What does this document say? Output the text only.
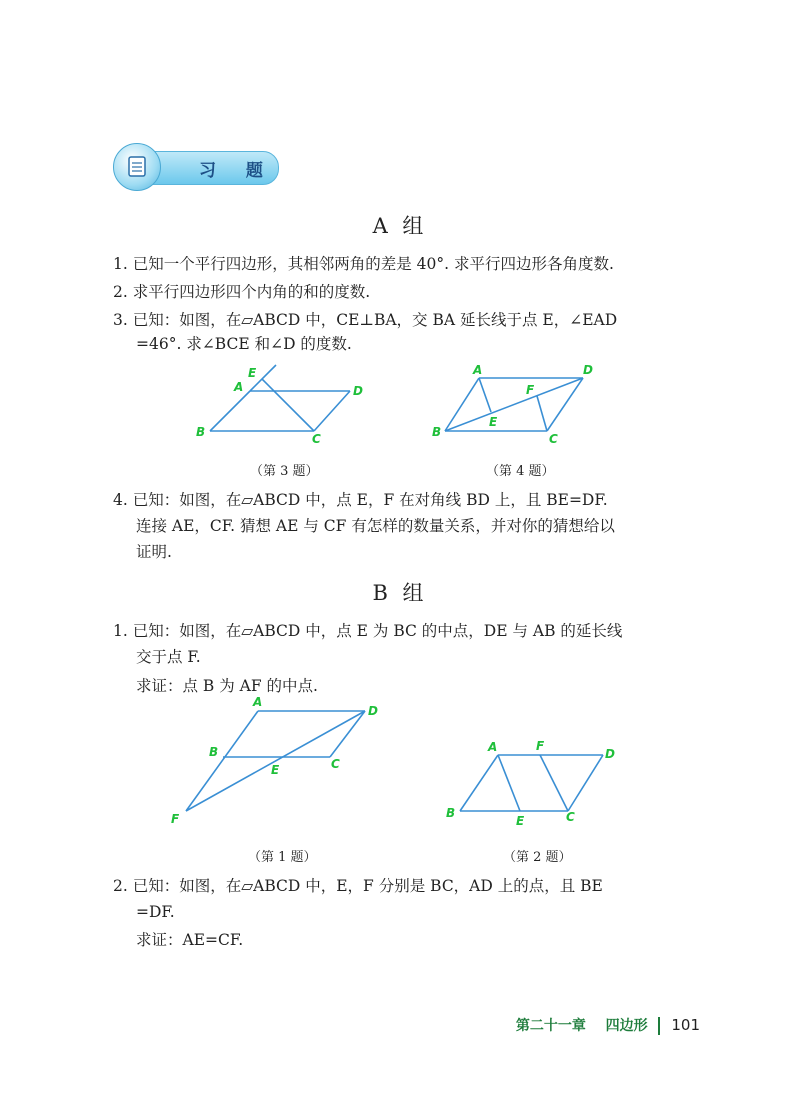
习 题
A 组
1. 已知一个平行四边形，其相邻两角的差是 40°. 求平行四边形各角度数.
2. 求平行四边形四个内角的和的度数.
3. 已知：如图，在▱ABCD 中，CE⊥BA，交 BA 延长线于点 E，∠EAD
=46°. 求∠BCE 和∠D 的度数.
B	C
D
A
E
（第 3 题）
B	C
D
A
E
F
（第 4 题）
4. 已知：如图，在▱ABCD 中，点 E，F 在对角线 BD 上，且 BE=DF.
连接 AE，CF. 猜想 AE 与 CF 有怎样的数量关系，并对你的猜想给以
证明.
B 组
1. 已知：如图，在▱ABCD 中，点 E 为 BC 的中点，DE 与 AB 的延长线
交于点 F.
求证：点 B 为 AF 的中点.
A
B
C
D
E
F
（第 1 题）
A	F
D
B
E	C
（第 2 题）
2. 已知：如图，在▱ABCD 中，E，F 分别是 BC，AD 上的点，且 BE
=DF.
求证：AE=CF.
第二十一章 四边形 101
